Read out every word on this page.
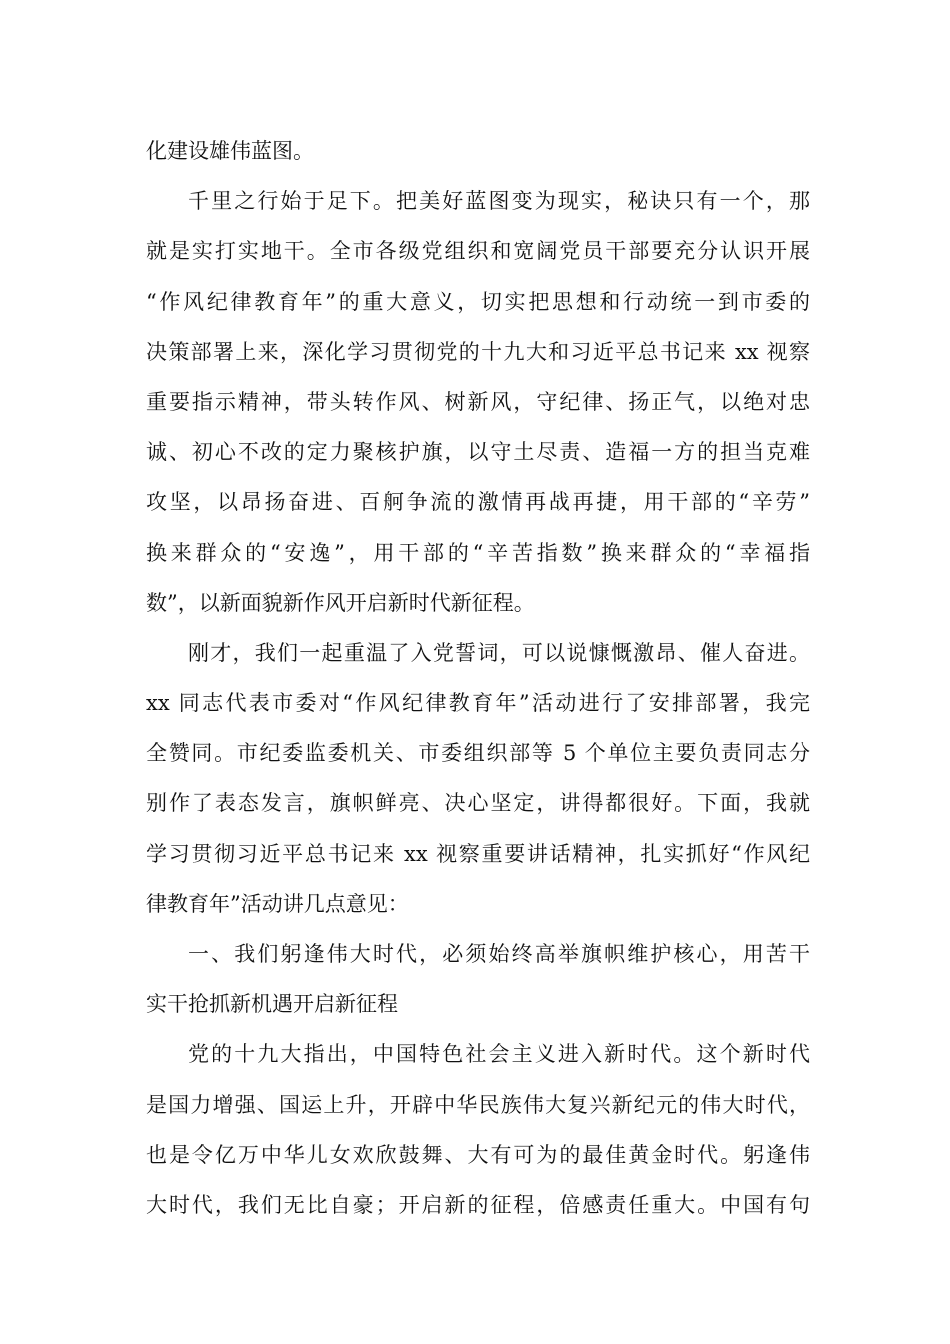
化建设雄伟蓝图。
千里之行始于足下。把美好蓝图变为现实，秘诀只有一个，那
就是实打实地干。全市各级党组织和宽阔党员干部要充分认识开展
“作风纪律教育年”的重大意义，切实把思想和行动统一到市委的
决策部署上来，深化学习贯彻党的十九大和习近平总书记来 xx 视察
重要指示精神，带头转作风、树新风，守纪律、扬正气，以绝对忠
诚、初心不改的定力聚核护旗，以守土尽责、造福一方的担当克难
攻坚，以昂扬奋进、百舸争流的激情再战再捷，用干部的“辛劳”
换来群众的“安逸”，用干部的“辛苦指数”换来群众的“幸福指
数”，以新面貌新作风开启新时代新征程。
刚才，我们一起重温了入党誓词，可以说慷慨激昂、催人奋进。
xx 同志代表市委对“作风纪律教育年”活动进行了安排部署，我完
全赞同。市纪委监委机关、市委组织部等 5 个单位主要负责同志分
别作了表态发言，旗帜鲜亮、决心坚定，讲得都很好。下面，我就
学习贯彻习近平总书记来 xx 视察重要讲话精神，扎实抓好“作风纪
律教育年”活动讲几点意见：
一、我们躬逢伟大时代，必须始终高举旗帜维护核心，用苦干
实干抢抓新机遇开启新征程
党的十九大指出，中国特色社会主义进入新时代。这个新时代
是国力增强、国运上升，开辟中华民族伟大复兴新纪元的伟大时代，
也是令亿万中华儿女欢欣鼓舞、大有可为的最佳黄金时代。躬逢伟
大时代，我们无比自豪；开启新的征程，倍感责任重大。中国有句
